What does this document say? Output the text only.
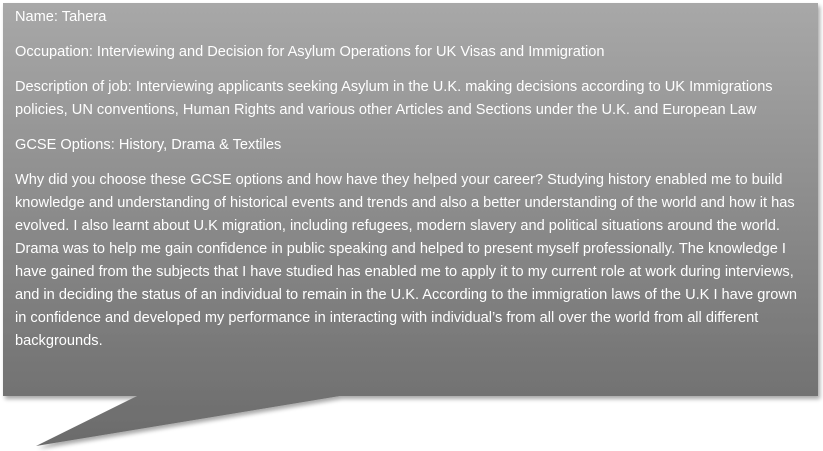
Name: Tahera

Occupation: Interviewing and Decision for Asylum Operations for UK Visas and Immigration

Description of job: Interviewing applicants seeking Asylum in the U.K. making decisions according to UK Immigrations policies, UN conventions, Human Rights and various other Articles and Sections under the U.K. and European Law

GCSE Options: History, Drama & Textiles

Why did you choose these GCSE options and how have they helped your career? Studying history enabled me to build knowledge and understanding of historical events and trends and also a better understanding of the world and how it has evolved. I also learnt about U.K migration, including refugees, modern slavery and political situations around the world. Drama was to help me gain confidence in public speaking and helped to present myself professionally. The knowledge I have gained from the subjects that I have studied has enabled me to apply it to my current role at work during interviews, and in deciding the status of an individual to remain in the U.K. According to the immigration laws of the U.K I have grown in confidence and developed my performance in interacting with individual’s from all over the world from all different backgrounds.
